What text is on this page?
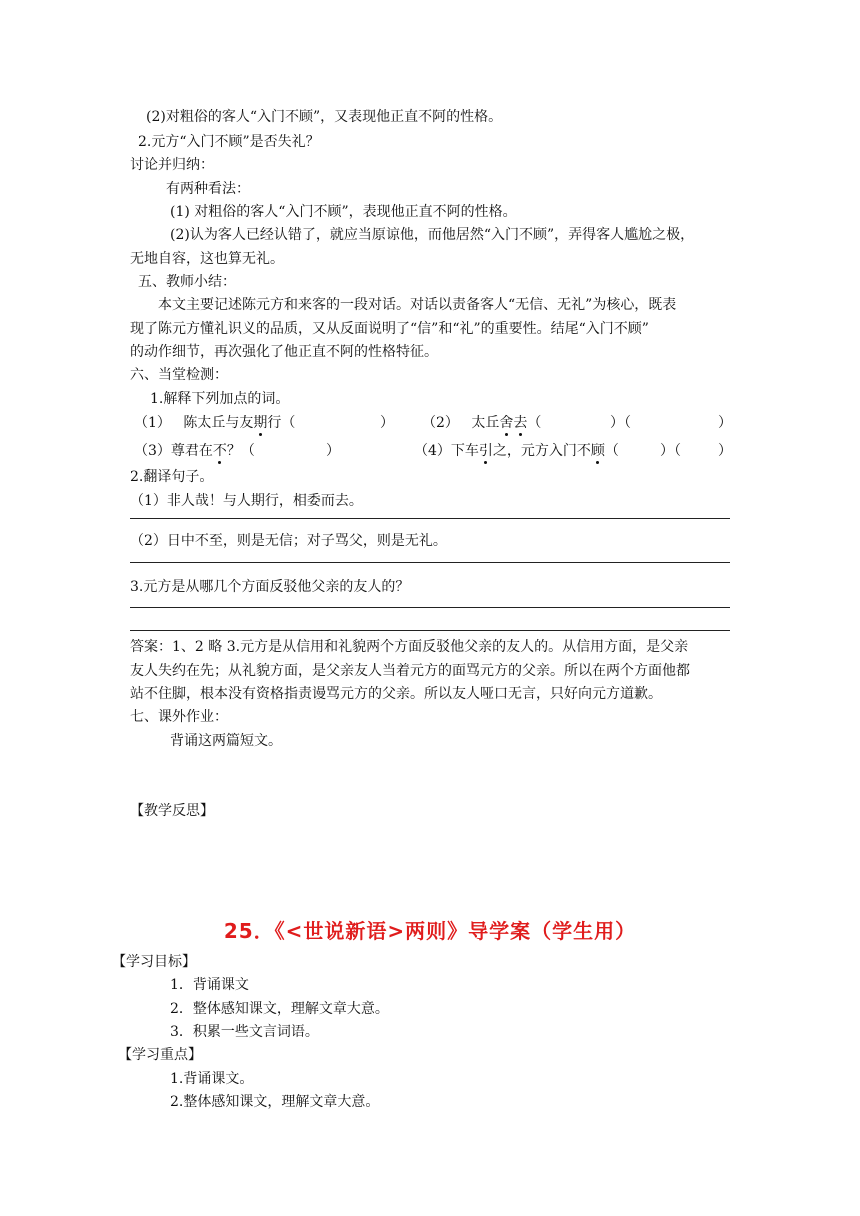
(2)对粗俗的客人“入门不顾”，又表现他正直不阿的性格。
2.元方“入门不顾”是否失礼？
讨论并归纳：
有两种看法：
(1) 对粗俗的客人“入门不顾”，表现他正直不阿的性格。
(2)认为客人已经认错了，就应当原谅他，而他居然“入门不顾”，弄得客人尴尬之极，
无地自容，这也算无礼。
五、教师小结：
本文主要记述陈元方和来客的一段对话。对话以责备客人“无信、无礼”为核心，既表
现了陈元方懂礼识义的品质，又从反面说明了“信”和“礼”的重要性。结尾“入门不顾”
的动作细节，再次强化了他正直不阿的性格特征。
六、当堂检测：
1.解释下列加点的词。
（1） 陈太丘与友期行（	） （2） 太丘舍去（	）（	）
（3）尊君在不？（	）	（4）下车引之，元方入门不顾（	）（	）
2.翻译句子。
（1）非人哉！与人期行，相委而去。
（2）日中不至，则是无信；对子骂父，则是无礼。
3.元方是从哪几个方面反驳他父亲的友人的？
答案：1、2 略 3.元方是从信用和礼貌两个方面反驳他父亲的友人的。从信用方面，是父亲
友人失约在先；从礼貌方面，是父亲友人当着元方的面骂元方的父亲。所以在两个方面他都
站不住脚，根本没有资格指责谩骂元方的父亲。所以友人哑口无言，只好向元方道歉。
七、课外作业：
背诵这两篇短文。
【教学反思】
25．《<世说新语>两则》导学案（学生用）
【学习目标】
1．背诵课文
2．整体感知课文，理解文章大意。
3．积累一些文言词语。
【学习重点】
1.背诵课文。
2.整体感知课文，理解文章大意。
